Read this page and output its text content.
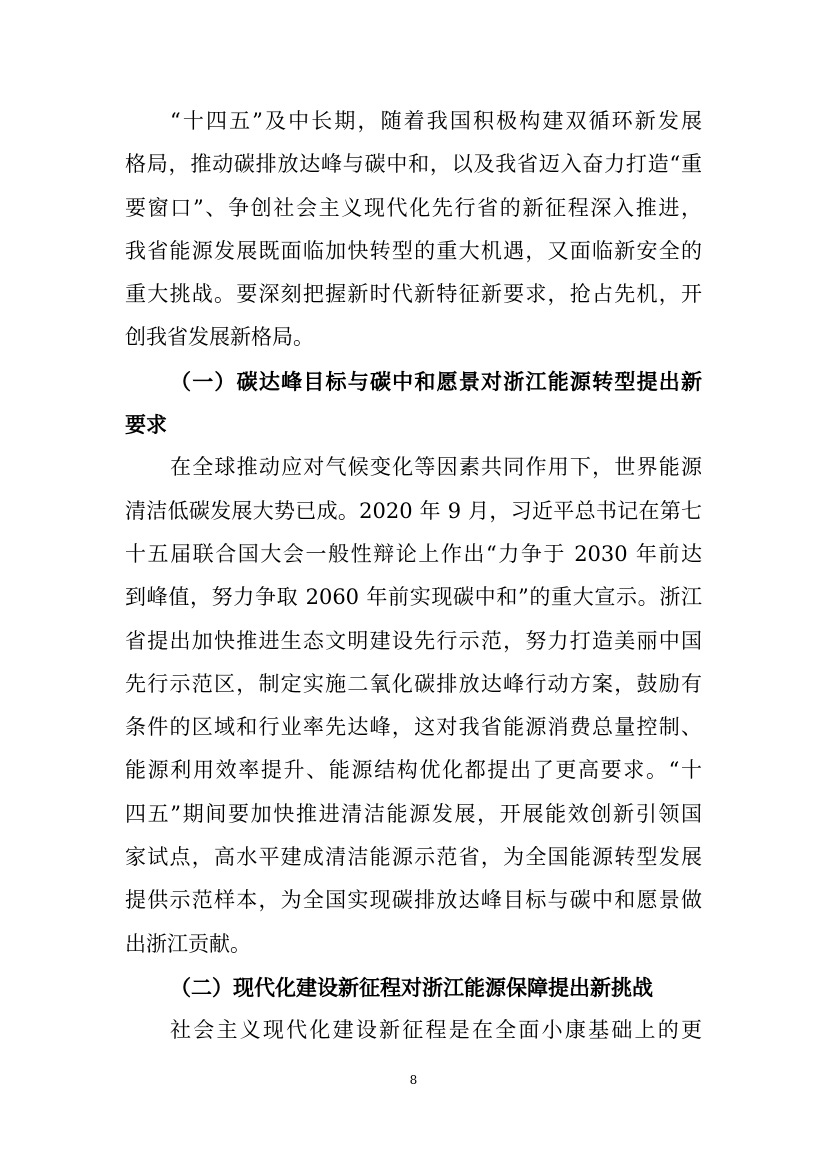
“十四五”及中长期，随着我国积极构建双循环新发展
格局，推动碳排放达峰与碳中和，以及我省迈入奋力打造“重
要窗口”、争创社会主义现代化先行省的新征程深入推进，
我省能源发展既面临加快转型的重大机遇，又面临新安全的
重大挑战。要深刻把握新时代新特征新要求，抢占先机，开
创我省发展新格局。
（一）碳达峰目标与碳中和愿景对浙江能源转型提出新
要求
在全球推动应对气候变化等因素共同作用下，世界能源
清洁低碳发展大势已成。2020 年 9 月，习近平总书记在第七
十五届联合国大会一般性辩论上作出“力争于 2030 年前达
到峰值，努力争取 2060 年前实现碳中和”的重大宣示。浙江
省提出加快推进生态文明建设先行示范，努力打造美丽中国
先行示范区，制定实施二氧化碳排放达峰行动方案，鼓励有
条件的区域和行业率先达峰，这对我省能源消费总量控制、
能源利用效率提升、能源结构优化都提出了更高要求。“十
四五”期间要加快推进清洁能源发展，开展能效创新引领国
家试点，高水平建成清洁能源示范省，为全国能源转型发展
提供示范样本，为全国实现碳排放达峰目标与碳中和愿景做
出浙江贡献。
（二）现代化建设新征程对浙江能源保障提出新挑战
社会主义现代化建设新征程是在全面小康基础上的更
8
